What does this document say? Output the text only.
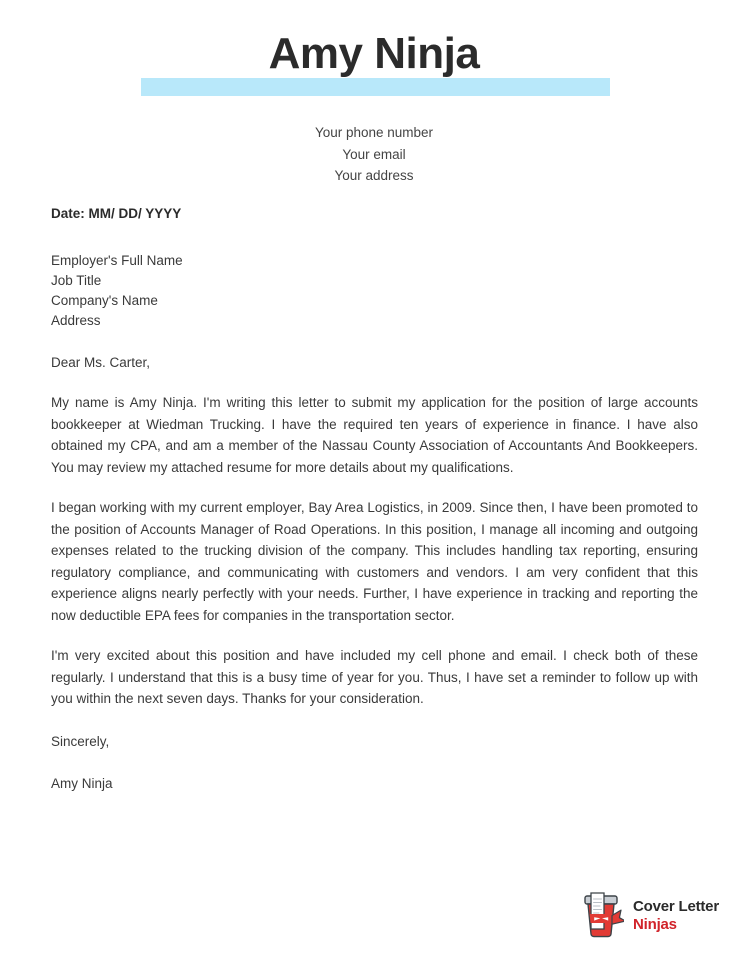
Amy Ninja
Your phone number
Your email
Your address
Date: MM/ DD/ YYYY
Employer's Full Name
Job Title
Company's Name
Address
Dear Ms. Carter,

My name is Amy Ninja. I'm writing this letter to submit my application for the position of large accounts bookkeeper at Wiedman Trucking. I have the required ten years of experience in finance. I have also obtained my CPA, and am a member of the Nassau County Association of Accountants And Bookkeepers. You may review my attached resume for more details about my qualifications.

I began working with my current employer, Bay Area Logistics, in 2009. Since then, I have been promoted to the position of Accounts Manager of Road Operations. In this position, I manage all incoming and outgoing expenses related to the trucking division of the company. This includes handling tax reporting, ensuring regulatory compliance, and communicating with customers and vendors. I am very confident that this experience aligns nearly perfectly with your needs. Further, I have experience in tracking and reporting the now deductible EPA fees for companies in the transportation sector.

I'm very excited about this position and have included my cell phone and email. I check both of these regularly. I understand that this is a busy time of year for you. Thus, I have set a reminder to follow up with you within the next seven days. Thanks for your consideration.

Sincerely,
Amy Ninja
Cover Letter
Ninjas
